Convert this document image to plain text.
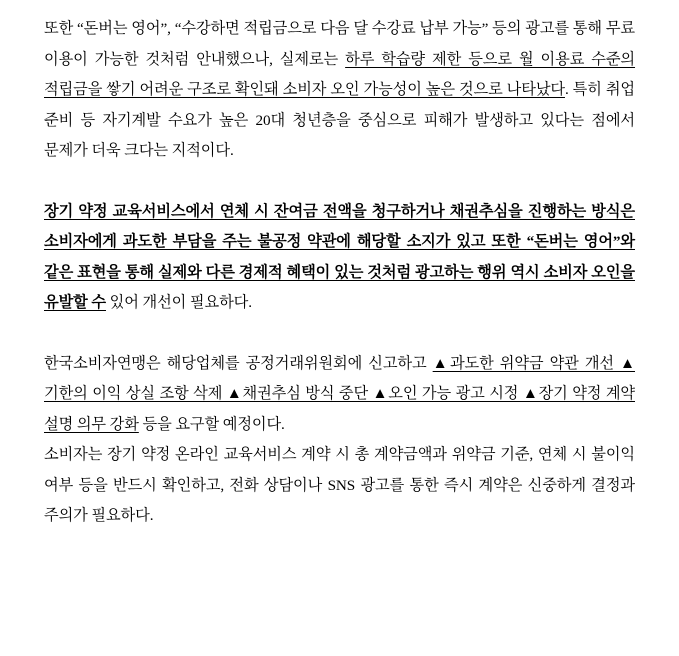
또한 “돈버는 영어”, “수강하면 적립금으로 다음 달 수강료 납부 가능” 등의 광고를 통해 무료 이용이 가능한 것처럼 안내했으나, 실제로는 하루 학습량 제한 등으로 월 이용료 수준의 적립금을 쌓기 어려운 구조로 확인돼 소비자 오인 가능성이 높은 것으로 나타났다. 특히 취업 준비 등 자기계발 수요가 높은 20대 청년층을 중심으로 피해가 발생하고 있다는 점에서 문제가 더욱 크다는 지적이다.

장기 약정 교육서비스에서 연체 시 잔여금 전액을 청구하거나 채권추심을 진행하는 방식은 소비자에게 과도한 부담을 주는 불공정 약관에 해당할 소지가 있고 또한 “돈버는 영어”와 같은 표현을 통해 실제와 다른 경제적 혜택이 있는 것처럼 광고하는 행위 역시 소비자 오인을 유발할 수 있어 개선이 필요하다.

한국소비자연맹은 해당업체를 공정거래위원회에 신고하고 ▲과도한 위약금 약관 개선 ▲기한의 이익 상실 조항 삭제 ▲채권추심 방식 중단 ▲오인 가능 광고 시정 ▲장기 약정 계약 설명 의무 강화 등을 요구할 예정이다.

소비자는 장기 약정 온라인 교육서비스 계약 시 총 계약금액과 위약금 기준, 연체 시 불이익 여부 등을 반드시 확인하고, 전화 상담이나 SNS 광고를 통한 즉시 계약은 신중하게 결정과 주의가 필요하다.
